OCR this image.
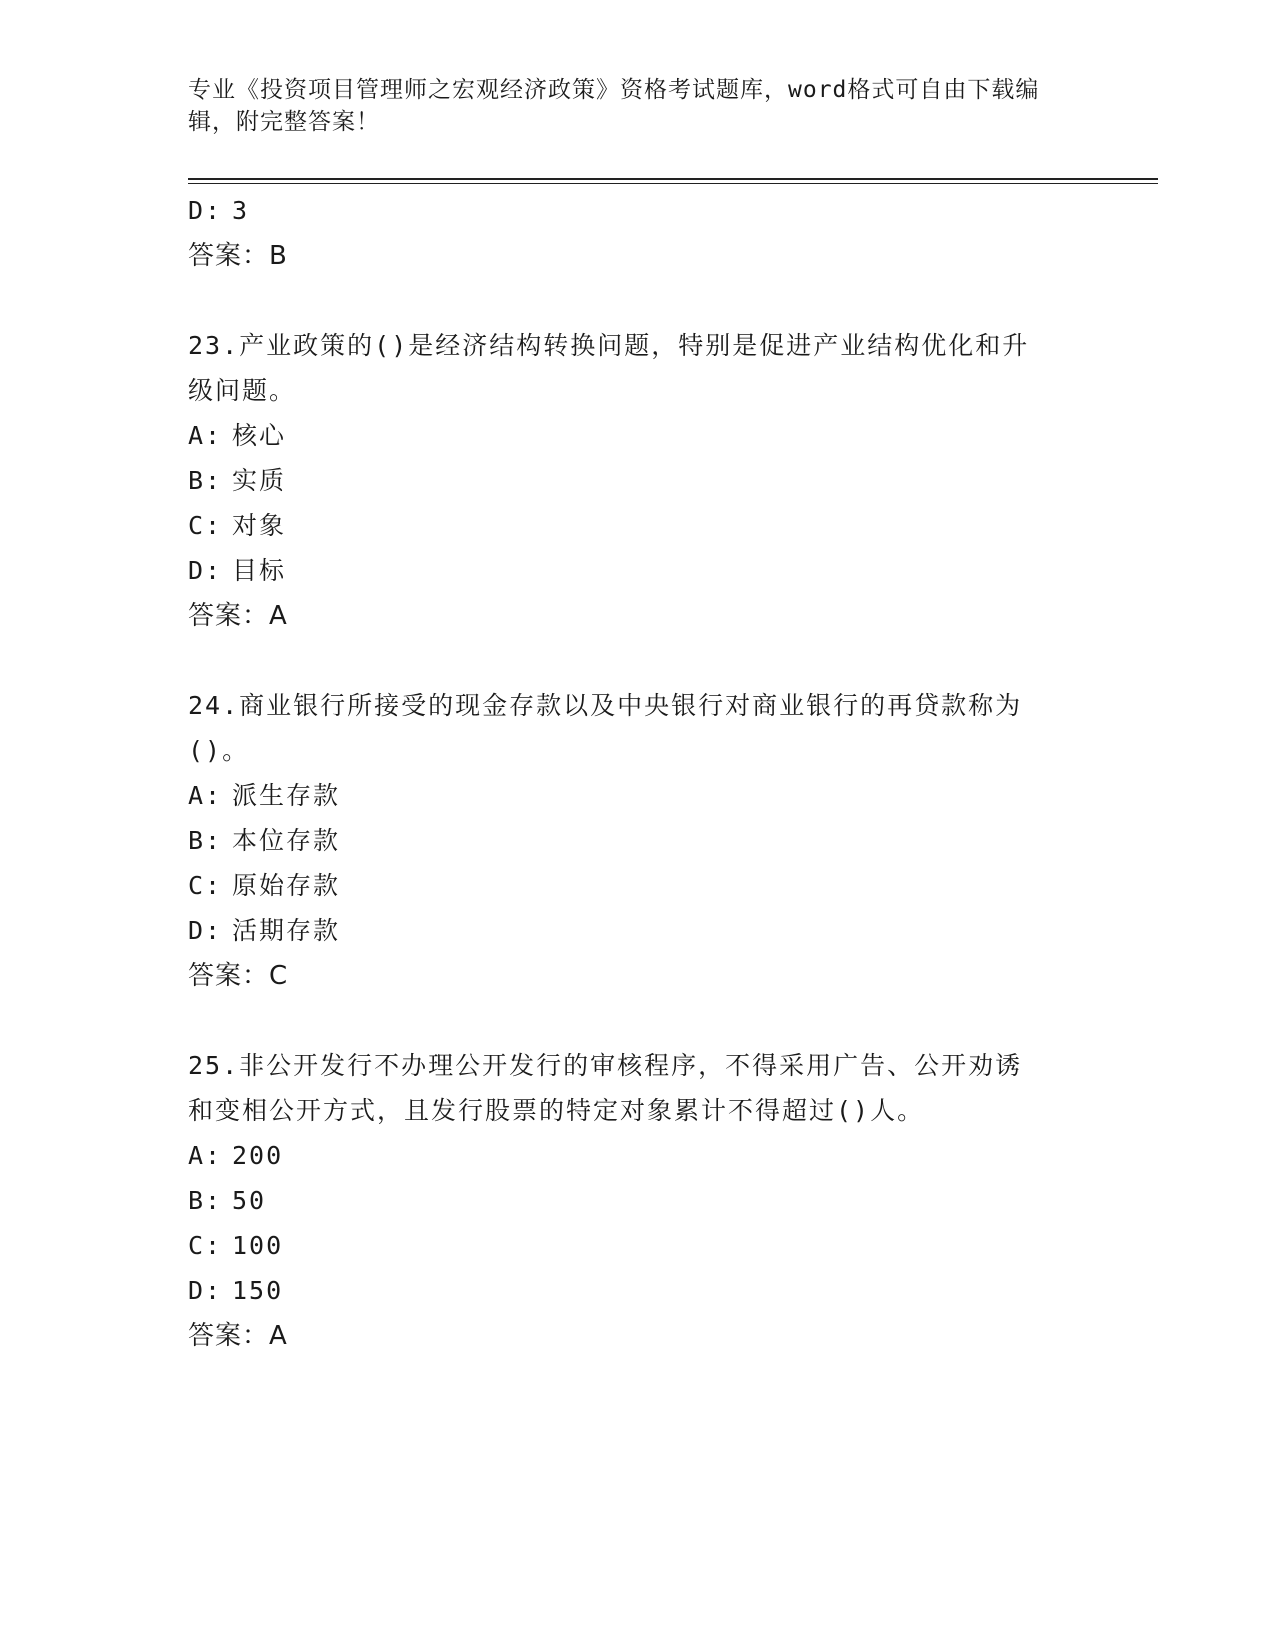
专业《投资项目管理师之宏观经济政策》资格考试题库，word格式可自由下载编
辑，附完整答案！
D: 3
答案：B
23.产业政策的()是经济结构转换问题，特别是促进产业结构优化和升
级问题。
A: 核心
B: 实质
C: 对象
D: 目标
答案：A
24.商业银行所接受的现金存款以及中央银行对商业银行的再贷款称为
()。
A: 派生存款
B: 本位存款
C: 原始存款
D: 活期存款
答案：C
25.非公开发行不办理公开发行的审核程序，不得采用广告、公开劝诱
和变相公开方式，且发行股票的特定对象累计不得超过()人。
A: 200
B: 50
C: 100
D: 150
答案：A
